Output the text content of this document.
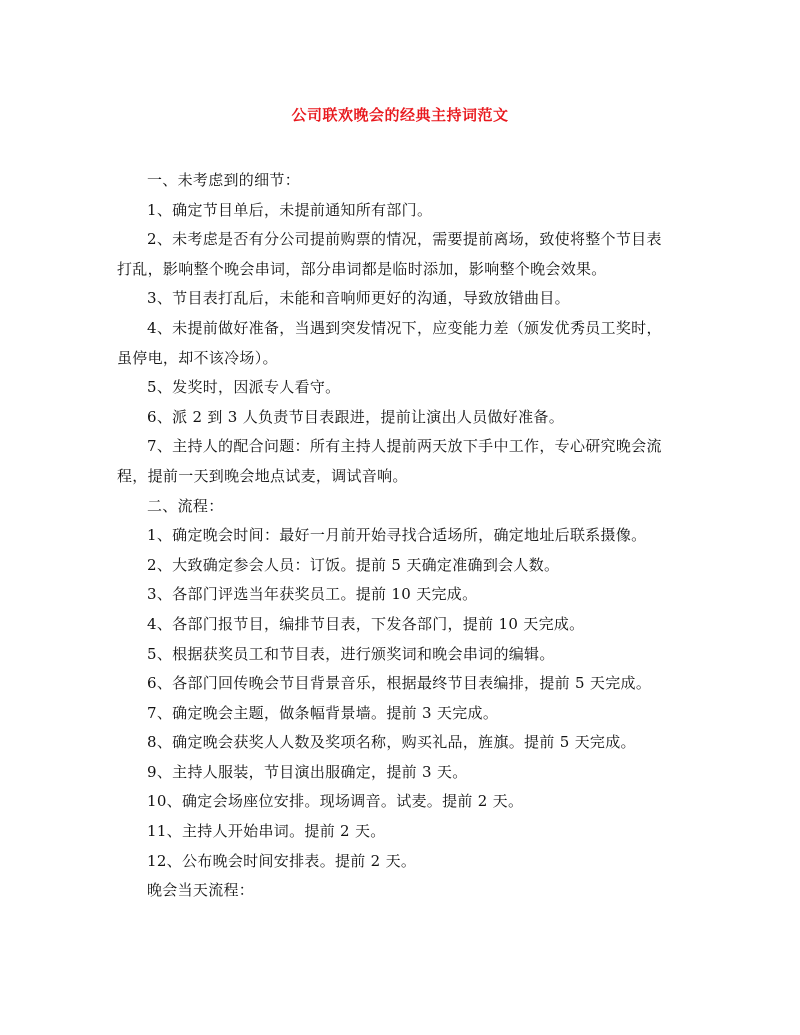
公司联欢晚会的经典主持词范文

一、未考虑到的细节：

1、确定节目单后，未提前通知所有部门。

2、未考虑是否有分公司提前购票的情况，需要提前离场，致使将整个节目表打乱，影响整个晚会串词，部分串词都是临时添加，影响整个晚会效果。

3、节目表打乱后，未能和音响师更好的沟通，导致放错曲目。

4、未提前做好准备，当遇到突发情况下，应变能力差（颁发优秀员工奖时，虽停电，却不该冷场）。

5、发奖时，因派专人看守。

6、派 2 到 3 人负责节目表跟进，提前让演出人员做好准备。

7、主持人的配合问题：所有主持人提前两天放下手中工作，专心研究晚会流程，提前一天到晚会地点试麦，调试音响。

二、流程：

1、确定晚会时间：最好一月前开始寻找合适场所，确定地址后联系摄像。

2、大致确定参会人员：订饭。提前 5 天确定准确到会人数。

3、各部门评选当年获奖员工。提前 10 天完成。

4、各部门报节目，编排节目表，下发各部门，提前 10 天完成。

5、根据获奖员工和节目表，进行颁奖词和晚会串词的编辑。

6、各部门回传晚会节目背景音乐，根据最终节目表编排，提前 5 天完成。

7、确定晚会主题，做条幅背景墙。提前 3 天完成。

8、确定晚会获奖人人数及奖项名称，购买礼品，旌旗。提前 5 天完成。

9、主持人服装，节目演出服确定，提前 3 天。

10、确定会场座位安排。现场调音。试麦。提前 2 天。

11、主持人开始串词。提前 2 天。

12、公布晚会时间安排表。提前 2 天。

晚会当天流程：
